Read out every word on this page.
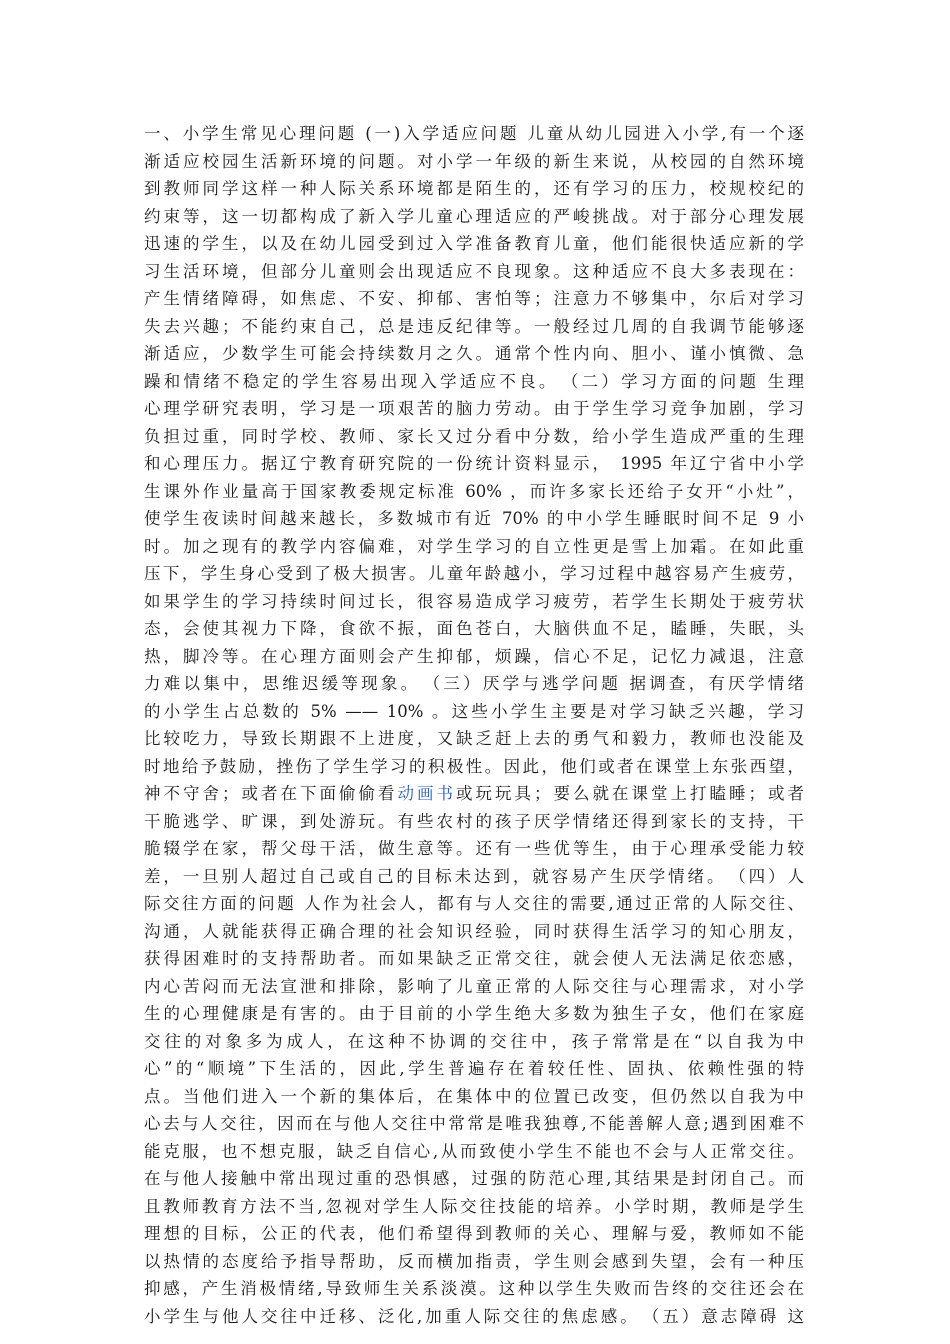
一、小学生常见心理问题 (一)入学适应问题 儿童从幼儿园进入小学,有一个逐
渐适应校园生活新环境的问题。对小学一年级的新生来说，从校园的自然环境
到教师同学这样一种人际关系环境都是陌生的，还有学习的压力，校规校纪的
约束等，这一切都构成了新入学儿童心理适应的严峻挑战。对于部分心理发展
迅速的学生，以及在幼儿园受到过入学准备教育儿童，他们能很快适应新的学
习生活环境，但部分儿童则会出现适应不良现象。这种适应不良大多表现在：
产生情绪障碍，如焦虑、不安、抑郁、害怕等；注意力不够集中，尔后对学习
失去兴趣；不能约束自己，总是违反纪律等。一般经过几周的自我调节能够逐
渐适应，少数学生可能会持续数月之久。通常个性内向、胆小、谨小慎微、急
躁和情绪不稳定的学生容易出现入学适应不良。　（二）学习方面的问题 生理
心理学研究表明，学习是一项艰苦的脑力劳动。由于学生学习竞争加剧，学习
负担过重，同时学校、教师、家长又过分看中分数，给小学生造成严重的生理
和心理压力。据辽宁教育研究院的一份统计资料显示， 1995 年辽宁省中小学
生课外作业量高于国家教委规定标准 60% ，而许多家长还给子女开“小灶”，
使学生夜读时间越来越长，多数城市有近 70% 的中小学生睡眠时间不足 9 小
时。加之现有的教学内容偏难，对学生学习的自立性更是雪上加霜。在如此重
压下，学生身心受到了极大损害。儿童年龄越小，学习过程中越容易产生疲劳，
如果学生的学习持续时间过长，很容易造成学习疲劳，若学生长期处于疲劳状
态，会使其视力下降，食欲不振，面色苍白，大脑供血不足，瞌睡，失眠，头
热，脚冷等。在心理方面则会产生抑郁，烦躁，信心不足，记忆力减退，注意
力难以集中，思维迟缓等现象。　（三）厌学与逃学问题 据调查，有厌学情绪
的小学生占总数的 5% —— 10% 。这些小学生主要是对学习缺乏兴趣，学习
比较吃力，导致长期跟不上进度，又缺乏赶上去的勇气和毅力，教师也没能及
时地给予鼓励，挫伤了学生学习的积极性。因此，他们或者在课堂上东张西望，
神不守舍；或者在下面偷偷看动画书或玩玩具；要么就在课堂上打瞌睡；或者
干脆逃学、旷课，到处游玩。有些农村的孩子厌学情绪还得到家长的支持，干
脆辍学在家，帮父母干活，做生意等。还有一些优等生，由于心理承受能力较
差，一旦别人超过自己或自己的目标未达到，就容易产生厌学情绪。　（四）人
际交往方面的问题 人作为社会人，都有与人交往的需要,通过正常的人际交往、
沟通，人就能获得正确合理的社会知识经验，同时获得生活学习的知心朋友，
获得困难时的支持帮助者。而如果缺乏正常交往，就会使人无法满足依恋感，
内心苦闷而无法宣泄和排除，影响了儿童正常的人际交往与心理需求，对小学
生的心理健康是有害的。由于目前的小学生绝大多数为独生子女，他们在家庭
交往的对象多为成人，在这种不协调的交往中，孩子常常是在“以自我为中
心”的“顺境”下生活的，因此,学生普遍存在着较任性、固执、依赖性强的特
点。当他们进入一个新的集体后，在集体中的位置已改变，但仍然以自我为中
心去与人交往，因而在与他人交往中常常是唯我独尊,不能善解人意;遇到困难不
能克服，也不想克服，缺乏自信心,从而致使小学生不能也不会与人正常交往。
在与他人接触中常出现过重的恐惧感，过强的防范心理,其结果是封闭自己。而
且教师教育方法不当,忽视对学生人际交往技能的培养。小学时期，教师是学生
理想的目标，公正的代表，他们希望得到教师的关心、理解与爱，教师如不能
以热情的态度给予指导帮助，反而横加指责，学生则会感到失望，会有一种压
抑感，产生消极情绪,导致师生关系淡漠。这种以学生失败而告终的交往还会在
小学生与他人交往中迁移、泛化,加重人际交往的焦虑感。　（五）意志障碍 这
